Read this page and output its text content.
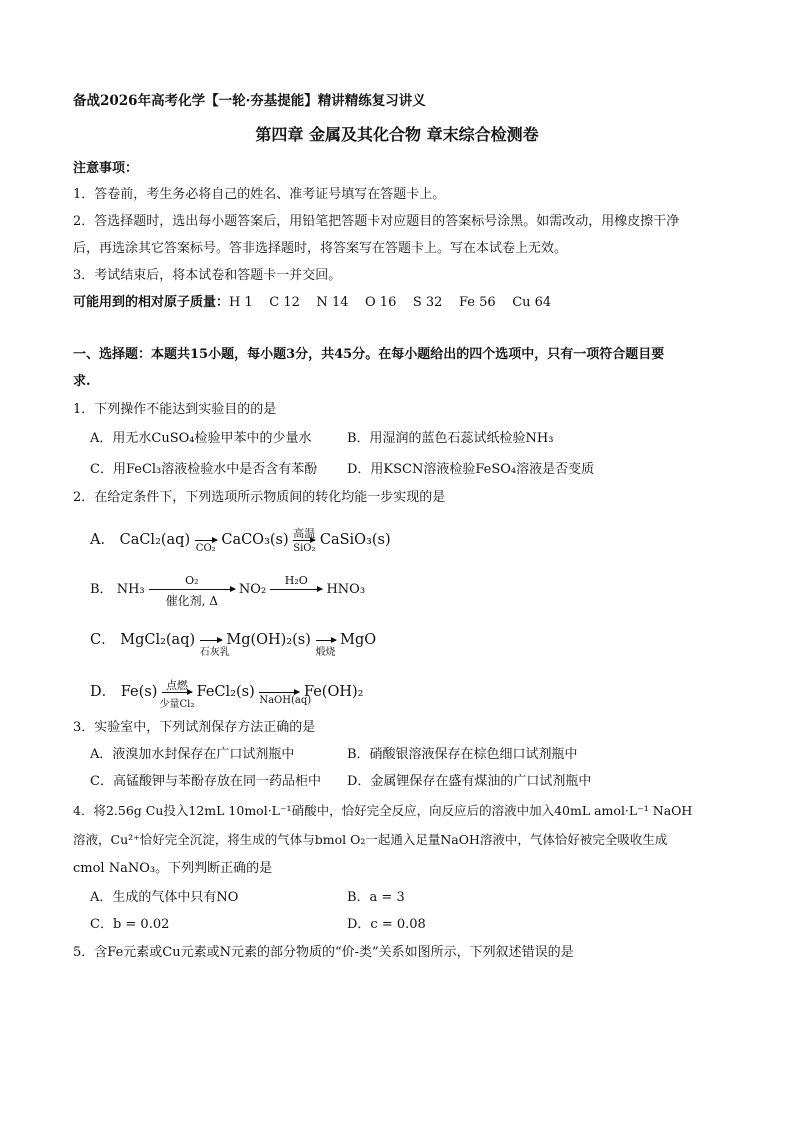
备战2026年高考化学【一轮·夯基提能】精讲精练复习讲义
第四章 金属及其化合物 章末综合检测卷
注意事项：
1．答卷前，考生务必将自己的姓名、准考证号填写在答题卡上。
2．答选择题时，选出每小题答案后，用铅笔把答题卡对应题目的答案标号涂黑。如需改动，用橡皮擦干净
后，再选涂其它答案标号。答非选择题时，将答案写在答题卡上。写在本试卷上无效。
3．考试结束后，将本试卷和答题卡一并交回。
可能用到的相对原子质量：H 1    C 12    N 14    O 16    S 32    Fe 56    Cu 64
一、选择题：本题共15小题，每小题3分，共45分。在每小题给出的四个选项中，只有一项符合题目要
求.
1．下列操作不能达到实验目的的是
A．用无水CuSO₄检验甲苯中的少量水	B．用湿润的蓝色石蕊试纸检验NH₃
C．用FeCl₃溶液检验水中是否含有苯酚 D．用KSCN溶液检验FeSO₄溶液是否变质
2．在给定条件下，下列选项所示物质间的转化均能一步实现的是
A． CaCl₂(aq) CO₂ CaCO₃(s) 高温
SiO₂ CaSiO₃(s)
B． NH₃
O₂
催化剂, Δ
NO₂
H₂O
HNO₃
C． MgCl₂(aq)
石灰乳
Mg(OH)₂(s)
煅烧
MgO
D． Fe(s) 点燃
少量Cl₂
FeCl₂(s) NaOH(aq)
Fe(OH)₂
3．实验室中，下列试剂保存方法正确的是
A．液溴加水封保存在广口试剂瓶中	B．硝酸银溶液保存在棕色细口试剂瓶中
C．高锰酸钾与苯酚存放在同一药品柜中 D．金属锂保存在盛有煤油的广口试剂瓶中
4．将2.56g Cu投入12mL 10mol·L⁻¹硝酸中，恰好完全反应，向反应后的溶液中加入40mL amol·L⁻¹ NaOH
溶液，Cu²⁺恰好完全沉淀，将生成的气体与bmol O₂一起通入足量NaOH溶液中，气体恰好被完全吸收生成
cmol NaNO₃。下列判断正确的是
A．生成的气体中只有NO	B．a = 3
C．b = 0.02	D．c = 0.08
5．含Fe元素或Cu元素或N元素的部分物质的“价-类”关系如图所示，下列叙述错误的是
